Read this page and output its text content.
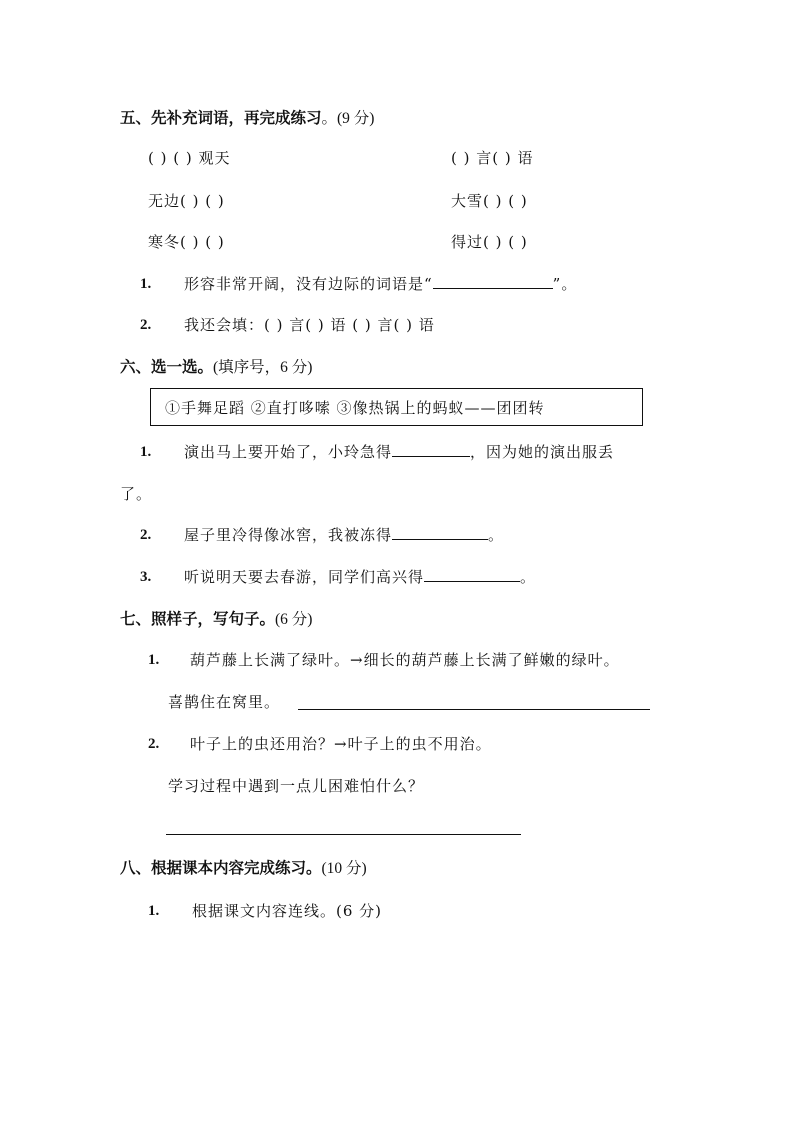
五、先补充词语，再完成练习。(9 分)
( ) ( ) 观天	( ) 言( ) 语
无边( ) ( )	大雪( ) ( )
寒冬( ) ( )	得过( ) ( )
1. 形容非常开阔，没有边际的词语是“	”。
2. 我还会填：( ) 言( ) 语 ( ) 言( ) 语
六、选一选。(填序号，6 分)
①手舞足蹈 ②直打哆嗦 ③像热锅上的蚂蚁——团团转
1. 演出马上要开始了，小玲急得	，因为她的演出服丢
了。
2. 屋子里冷得像冰窖，我被冻得	。
3. 听说明天要去春游，同学们高兴得	。
七、照样子，写句子。(6 分)
1. 葫芦藤上长满了绿叶。→细长的葫芦藤上长满了鲜嫩的绿叶。
喜鹊住在窝里。
2. 叶子上的虫还用治？→叶子上的虫不用治。
学习过程中遇到一点儿困难怕什么？
八、根据课本内容完成练习。(10 分)
1. 根据课文内容连线。(6 分)
